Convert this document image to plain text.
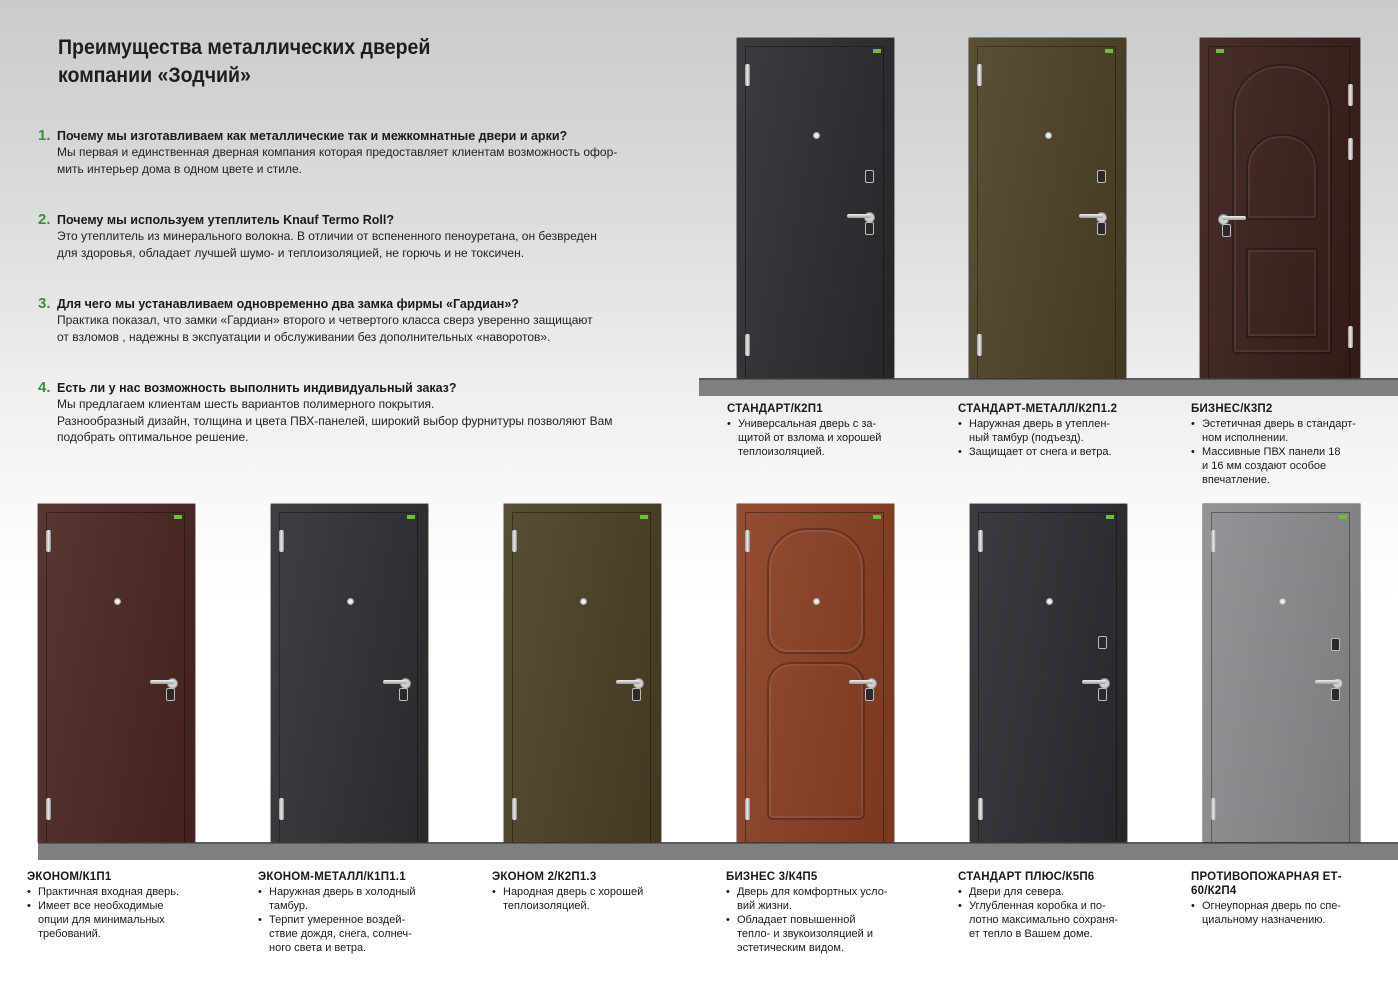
Преимущества металлических дверей
компании «Зодчий»
1. Почему мы изготавливаем как металлические так и межкомнатные двери и арки?
Мы первая и единственная дверная компания которая предоставляет клиентам возможность офор-
мить интерьер дома в одном цвете и стиле.
2. Почему мы используем утеплитель Knauf Termo Roll?
Это утеплитель из минерального волокна. В отличии от вспененного пеноуретана, он безвреден
для здоровья, обладает лучшей шумо- и теплоизоляцией, не горючь и не токсичен.
3. Для чего мы устанавливаем одновременно два замка фирмы «Гардиан»?
Практика показал, что замки «Гардиан» второго и четвертого класса сверз уверенно защищают
от взломов , надежны в экспуатации и обслуживании без дополнительных «наворотов».
4. Есть ли у нас возможность выполнить индивидуальный заказ?
Мы предлагаем клиентам шесть вариантов полимерного покрытия.
Разнообразный дизайн, толщина и цвета ПВХ-панелей, широкий выбор фурнитуры позволяют Вам
подобрать оптимальное решение.
СТАНДАРТ/К2П1
• Универсальная дверь с за-
щитой от взлома и хорошей
теплоизоляцией.
СТАНДАРТ-МЕТАЛЛ/К2П1.2
• Наружная дверь в утеплен-
ный тамбур (подъезд).
• Защищает от снега и ветра.
БИЗНЕС/К3П2
• Эстетичная дверь в стандарт-
ном исполнении.
• Массивные ПВХ панели 18
и 16 мм создают особое
впечатление.
ЭКОНОМ/К1П1
• Практичная входная дверь.
• Имеет все необходимые
опции для минимальных
требований.
ЭКОНОМ-МЕТАЛЛ/К1П1.1
• Наружная дверь в холодный
тамбур.
• Терпит умеренное воздей-
ствие дождя, снега, солнеч-
ного света и ветра.
ЭКОНОМ 2/К2П1.3
• Народная дверь с хорошей
теплоизоляцией.
БИЗНЕС 3/К4П5
• Дверь для комфортных усло-
вий жизни.
• Обладает повышенной
тепло- и звукоизоляцией и
эстетическим видом.
СТАНДАРТ ПЛЮС/К5П6
• Двери для севера.
• Углубленная коробка и по-
лотно максимально сохраня-
ет тепло в Вашем доме.
ПРОТИВОПОЖАРНАЯ ЕТ-
60/К2П4
• Огнеупорная дверь по спе-
циальному назначению.
